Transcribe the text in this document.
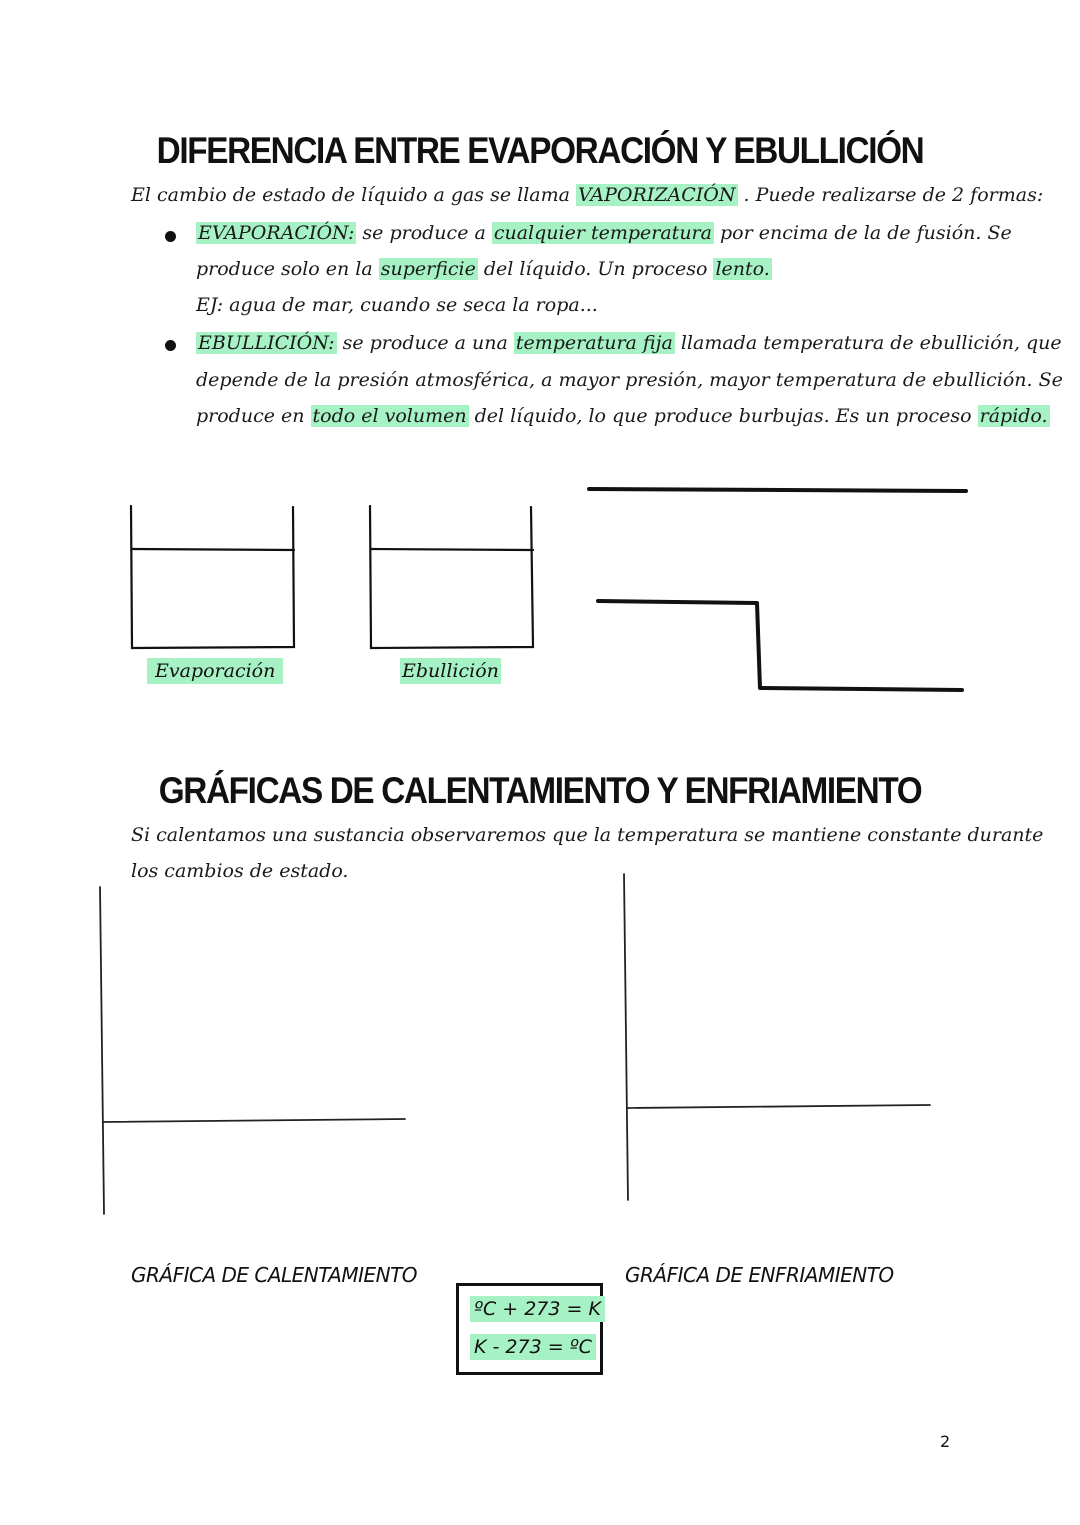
DIFERENCIA ENTRE EVAPORACIÓN Y EBULLICIÓN
El cambio de estado de líquido a gas se llama VAPORIZACIÓN . Puede realizarse de 2 formas:
EVAPORACIÓN: se produce a cualquier temperatura por encima de la de fusión. Se
produce solo en la superficie del líquido. Un proceso lento.
EJ: agua de mar, cuando se seca la ropa...
EBULLICIÓN: se produce a una temperatura fija llamada temperatura de ebullición, que
depende de la presión atmosférica, a mayor presión, mayor temperatura de ebullición. Se
produce en todo el volumen del líquido, lo que produce burbujas. Es un proceso rápido.
Evaporación	Ebullición
GRÁFICAS DE CALENTAMIENTO Y ENFRIAMIENTO
Si calentamos una sustancia observaremos que la temperatura se mantiene constante durante
los cambios de estado.
GRÁFICA DE CALENTAMIENTO	GRÁFICA DE ENFRIAMIENTO
ºC + 273 = K
K - 273 = ºC
2
